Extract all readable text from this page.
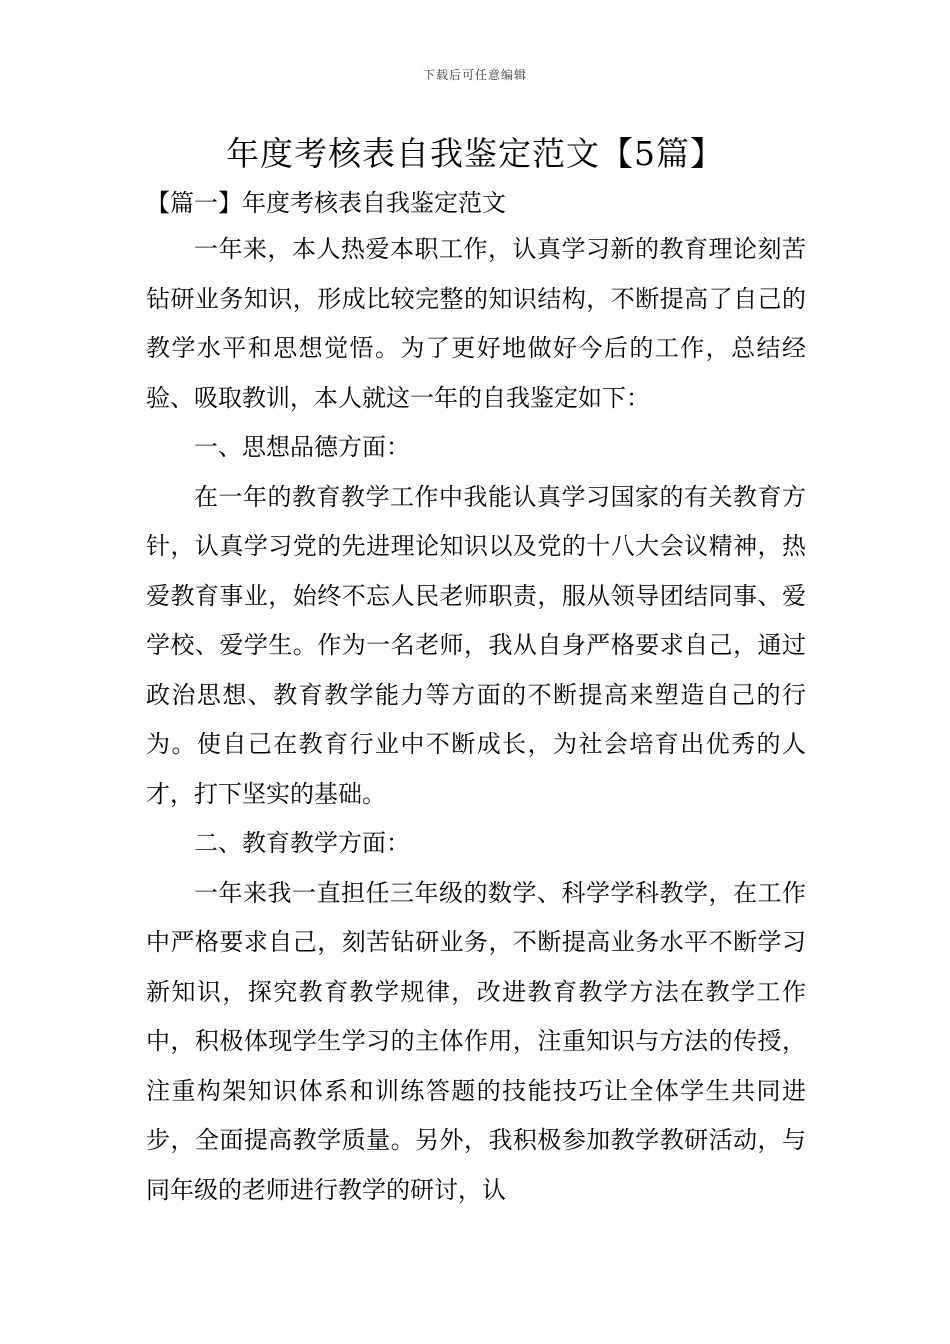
下载后可任意编辑
年度考核表自我鉴定范文【5篇】
【篇一】年度考核表自我鉴定范文

一年来，本人热爱本职工作，认真学习新的教育理论刻苦钻研业务知识，形成比较完整的知识结构，不断提高了自己的教学水平和思想觉悟。为了更好地做好今后的工作，总结经验、吸取教训，本人就这一年的自我鉴定如下：

一、思想品德方面：

在一年的教育教学工作中我能认真学习国家的有关教育方针，认真学习党的先进理论知识以及党的十八大会议精神，热爱教育事业，始终不忘人民老师职责，服从领导团结同事、爱学校、爱学生。作为一名老师，我从自身严格要求自己，通过政治思想、教育教学能力等方面的不断提高来塑造自己的行为。使自己在教育行业中不断成长，为社会培育出优秀的人才，打下坚实的基础。

二、教育教学方面：

一年来我一直担任三年级的数学、科学学科教学，在工作中严格要求自己，刻苦钻研业务，不断提高业务水平不断学习新知识，探究教育教学规律，改进教育教学方法在教学工作中，积极体现学生学习的主体作用，注重知识与方法的传授，注重构架知识体系和训练答题的技能技巧让全体学生共同进步，全面提高教学质量。另外，我积极参加教学教研活动，与同年级的老师进行教学的研讨，认
